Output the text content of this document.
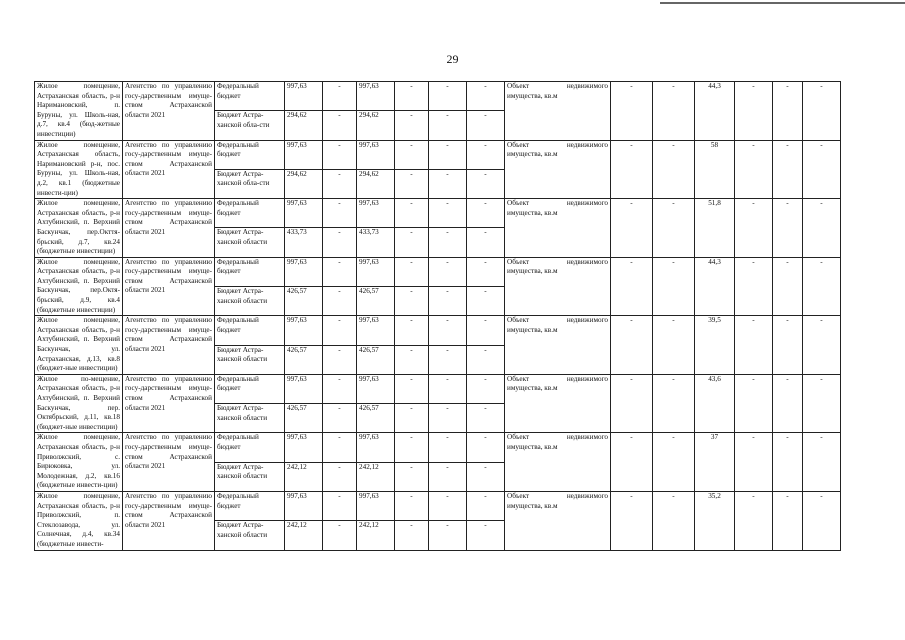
29
Жилое помещение, Астраханская область, р-н Наримановский, п. Буруны, ул. Школь-ная, д.7, кв.4 (бюд-жетные инвестиции)	Агентство по управлению госу-дарственным имуще-ством Астраханской области 2021	Федеральный бюджет	997,63	-	997,63	-	-	-	Объект недвижимого имущества, кв.м	-	-	44,3	-	-	-
		Бюджет Астра-ханской обла-сти	294,62	-	294,62	-	-	-							
Жилое помещение, Астраханская область, Наримановский р-н, пос. Буруны, ул. Школь-ная, д.2, кв.1 (бюджетные инвести-ции)	Агентство по управлению госу-дарственным имуще-ством Астраханской области 2021	Федеральный бюджет	997,63	-	997,63	-	-	-	Объект недвижимого имущества, кв.м	-	-	58	-	-	-
		Бюджет Астра-ханской обла-сти	294,62	-	294,62	-	-	-							
Жилое помещение, Астраханская область, р-н Ахтубинский, п. Верхний Баскунчак, пер.Окття-брьский, д.7, кв.24 (бюджетные инвестиции)	Агентство по управлению госу-дарственным имуще-ством Астраханской области 2021	Федеральный бюджет	997,63	-	997,63	-	-	-	Объект недвижимого имущества, кв.м	-	-	51,8	-	-	-
		Бюджет Астра-ханской области	433,73	-	433,73	-	-	-							
Жилое помещение, Астраханская область, р-н Ахтубинский, п. Верхний Баскунчак, пер.Октя-брьский, д.9, кв.4 (бюджетные инвестиции)	Агентство по управлению госу-дарственным имуще-ством Астраханской области 2021	Федеральный бюджет	997,63	-	997,63	-	-	-	Объект недвижимого имущества, кв.м	-	-	44,3	-	-	-
		Бюджет Астра-ханской области	426,57	-	426,57	-	-	-							
Жилое помещение, Астраханская область, р-н Ахтубинский, п. Верхний Баскунчак, ул. Астраханская, д.13, кв.8 (бюджет-ные инвестиции)	Агентство по управлению госу-дарственным имуще-ством Астраханской области 2021	Федеральный бюджет	997,63	-	997,63	-	-	-	Объект недвижимого имущества, кв.м	-	-	39,5	-	-	-
		Бюджет Астра-ханской области	426,57	-	426,57	-	-	-							
Жилое по-мещение, Астраханская область, р-н Ахтубинский, п. Верхний Баскунчак, пер. Октябрьский, д.11, кв.18 (бюджет-ные инвестиции)	Агентство по управлению госу-дарственным имуще-ством Астраханской области 2021	Федеральный бюджет	997,63	-	997,63	-	-	-	Объект недвижимого имущества, кв.м	-	-	43,6	-	-	-
		Бюджет Астра-ханской области	426,57	-	426,57	-	-	-							
Жилое помещение, Астраханская область, р-н Приволжский, с. Бирюковка, ул. Молодежная, д.2, кв.16 (бюджетные инвести-ции)	Агентство по управлению госу-дарственным имуще-ством Астраханской области 2021	Федеральный бюджет	997,63	-	997,63	-	-	-	Объект недвижимого имущества, кв.м	-	-	37	-	-	-
		Бюджет Астра-ханской области	242,12	-	242,12	-	-	-							
Жилое помещение, Астраханская область, р-н Приволжский, п. Стеклозавода, ул. Солнечная, д.4, кв.34 (бюджетные инвести-	Агентство по управлению госу-дарственным имуще-ством Астраханской области 2021	Федеральный бюджет	997,63	-	997,63	-	-	-	Объект недвижимого имущества, кв.м	-	-	35,2	-	-	-
		Бюджет Астра-ханской области	242,12	-	242,12	-	-	-							
